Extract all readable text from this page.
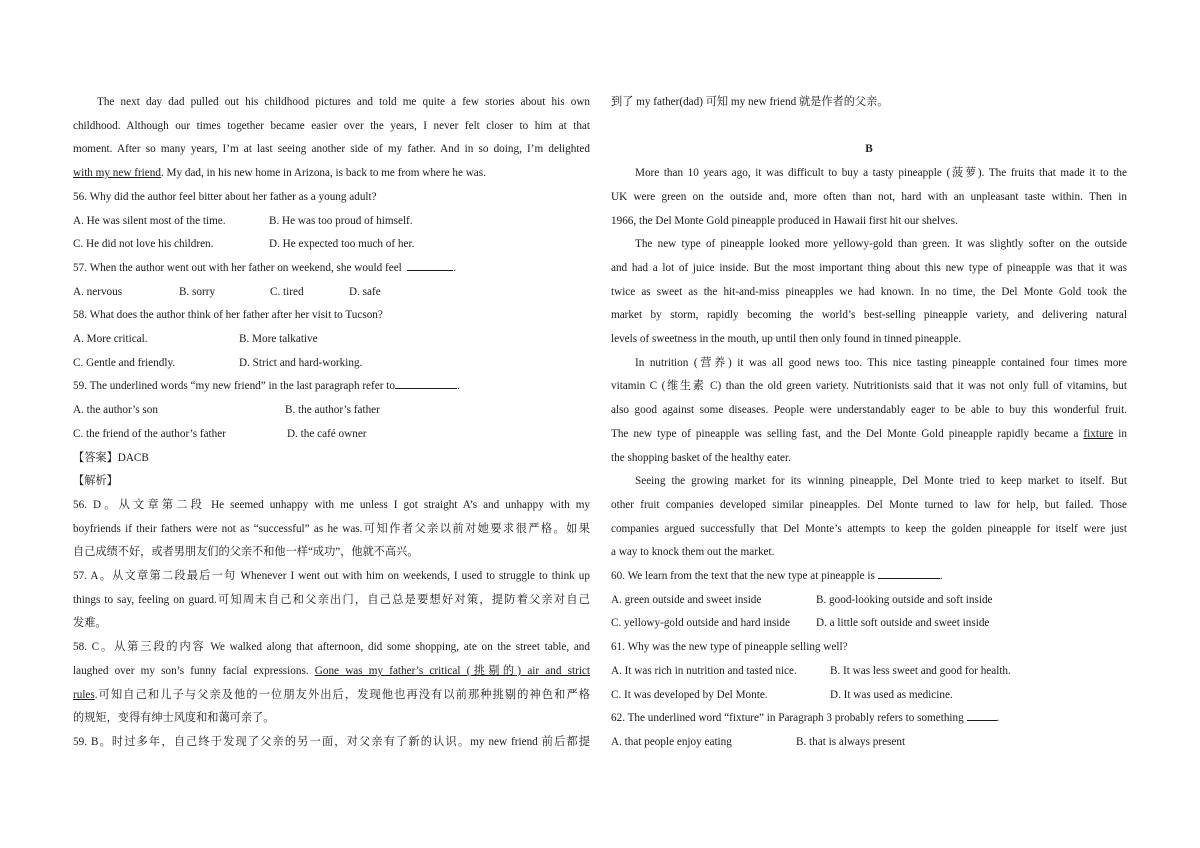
The next day dad pulled out his childhood pictures and told me quite a few stories about his own

childhood. Although our times together became easier over the years, I never felt closer to him at that

moment. After so many years, I’m at last seeing another side of my father. And in so doing, I’m delighted

with my new friend. My dad, in his new home in Arizona, is back to me from where he was.

56. Why did the author feel bitter about her father as a young adult?

A. He was silent most of the time.	B. He was too proud of himself.

C. He did not love his children.	D. He expected too much of her.

57. When the author went out with her father on weekend, she would feel	.

A. nervous	B. sorry	C. tired	D. safe

58. What does the author think of her father after her visit to Tucson?

A. More critical.	B. More talkative

C. Gentle and friendly.	D. Strict and hard-working.

59. The underlined words “my new friend” in the last paragraph refer to	.

A. the author’s son	B. the author’s father

C. the friend of the author’s father	D. the café owner

【答案】DACB

【解析】

56. D。从文章第二段 He seemed unhappy with me unless I got straight A’s and unhappy with my

boyfriends if their fathers were not as “successful” as he was.可知作者父亲以前对她要求很严格。如果

自己成绩不好，或者男朋友们的父亲不和他一样“成功”，他就不高兴。

57. A。从文章第二段最后一句 Whenever I went out with him on weekends, I used to struggle to think up

things to say, feeling on guard.可知周末自己和父亲出门，自己总是要想好对策，提防着父亲对自己

发难。

58. C。从第三段的内容 We walked along that afternoon, did some shopping, ate on the street table, and

laughed over my son’s funny facial expressions. Gone was my father’s critical (挑剔的) air and strict

rules.可知自己和儿子与父亲及他的一位朋友外出后，发现他也再没有以前那种挑剔的神色和严格

的规矩，变得有绅士风度和和蔼可亲了。

59. B。时过多年，自己终于发现了父亲的另一面，对父亲有了新的认识。my new friend 前后都提

到了 my father(dad) 可知 my new friend 就是作者的父亲。

B

More than 10 years ago, it was difficult to buy a tasty pineapple (菠萝). The fruits that made it to the

UK were green on the outside and, more often than not, hard with an unpleasant taste within. Then in

1966, the Del Monte Gold pineapple produced in Hawaii first hit our shelves.

The new type of pineapple looked more yellowy-gold than green. It was slightly softer on the outside

and had a lot of juice inside. But the most important thing about this new type of pineapple was that it was

twice as sweet as the hit-and-miss pineapples we had known. In no time, the Del Monte Gold took the

market by storm, rapidly becoming the world’s best-selling pineapple variety, and delivering natural

levels of sweetness in the mouth, up until then only found in tinned pineapple.

In nutrition (营养) it was all good news too. This nice tasting pineapple contained four times more

vitamin C (维生素 C) than the old green variety. Nutritionists said that it was not only full of vitamins, but

also good against some diseases. People were understandably eager to be able to buy this wonderful fruit.

The new type of pineapple was selling fast, and the Del Monte Gold pineapple rapidly became a fixture in

the shopping basket of the healthy eater.

Seeing the growing market for its winning pineapple, Del Monte tried to keep market to itself. But

other fruit companies developed similar pineapples. Del Monte turned to law for help, but failed. Those

companies argued successfully that Del Monte’s attempts to keep the golden pineapple for itself were just

a way to knock them out the market.

60. We learn from the text that the new type at pineapple is	.

A. green outside and sweet inside	B. good-looking outside and soft inside

C. yellowy-gold outside and hard inside	D. a little soft outside and sweet inside

61. Why was the new type of pineapple selling well?

A. It was rich in nutrition and tasted nice.	B. It was less sweet and good for health.

C. It was developed by Del Monte.	D. It was used as medicine.

62. The underlined word “fixture” in Paragraph 3 probably refers to something	.

A. that people enjoy eating	B. that is always present
